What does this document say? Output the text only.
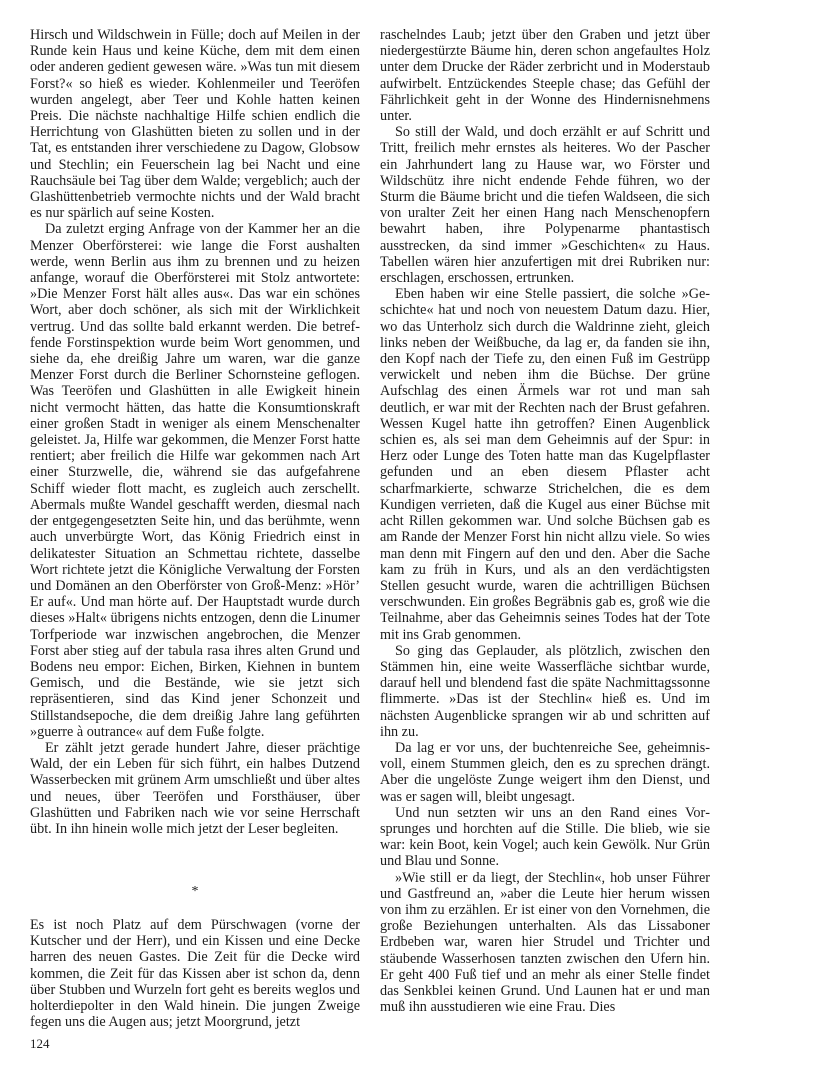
Hirsch und Wildschwein in Fülle; doch auf Meilen in der Runde kein Haus und keine Küche, dem mit dem einen oder anderen gedient gewesen wäre. »Was tun mit diesem Forst?« so hieß es wieder. Kohlenmeiler und Teeröfen wurden angelegt, aber Teer und Kohle hatten keinen Preis. Die nächste nachhaltige Hilfe schien endlich die Herrichtung von Glashütten bieten zu sollen und in der Tat, es entstanden ihrer verschiedene zu Dagow, Globsow und Stechlin; ein Feuerschein lag bei Nacht und eine Rauchsäule bei Tag über dem Walde; vergeblich; auch der Glashüttenbetrieb vermochte nichts und der Wald bracht es nur spärlich auf seine Kosten.

Da zuletzt erging Anfrage von der Kammer her an die Menzer Oberförsterei: wie lange die Forst aushalten werde, wenn Berlin aus ihm zu brennen und zu heizen anfange, worauf die Oberförsterei mit Stolz antwortete: »Die Menzer Forst hält alles aus«. Das war ein schönes Wort, aber doch schöner, als sich mit der Wirklichkeit vertrug. Und das sollte bald erkannt werden. Die betreffende Forstinspektion wurde beim Wort genommen, und siehe da, ehe dreißig Jahre um waren, war die ganze Menzer Forst durch die Berliner Schornsteine geflogen. Was Teeröfen und Glashütten in alle Ewigkeit hinein nicht vermocht hätten, das hatte die Konsumtionskraft einer großen Stadt in weniger als einem Menschenalter geleistet. Ja, Hilfe war gekommen, die Menzer Forst hatte rentiert; aber freilich die Hilfe war gekommen nach Art einer Sturzwelle, die, während sie das aufgefahrene Schiff wieder flott macht, es zugleich auch zerschellt. Abermals mußte Wandel geschafft werden, diesmal nach der entgegengesetzten Seite hin, und das berühmte, wenn auch unverbürgte Wort, das König Friedrich einst in delikatester Situation an Schmettau richtete, dasselbe Wort richtete jetzt die Königliche Verwaltung der Forsten und Domänen an den Oberförster von Groß-Menz: »Hör’ Er auf«. Und man hörte auf. Der Hauptstadt wurde durch dieses »Halt« übrigens nichts entzogen, denn die Linumer Torfperiode war inzwischen angebrochen, die Menzer Forst aber stieg auf der tabula rasa ihres alten Grund und Bodens neu empor: Eichen, Birken, Kiehnen in buntem Gemisch, und die Bestände, wie sie jetzt sich repräsentieren, sind das Kind jener Schonzeit und Stillstandsepoche, die dem dreißig Jahre lang geführten »guerre à outrance« auf dem Fuße folgte.

Er zählt jetzt gerade hundert Jahre, dieser prächtige Wald, der ein Leben für sich führt, ein halbes Dutzend Wasserbecken mit grünem Arm umschließt und über altes und neues, über Teeröfen und Forsthäuser, über Glashütten und Fabriken nach wie vor seine Herrschaft übt. In ihn hinein wolle mich jetzt der Leser begleiten.

*

Es ist noch Platz auf dem Pürschwagen (vorne der Kutscher und der Herr), und ein Kissen und eine Decke harren des neuen Gastes. Die Zeit für die Decke wird kommen, die Zeit für das Kissen aber ist schon da, denn über Stubben und Wurzeln fort geht es bereits weglos und holterdiepolter in den Wald hinein. Die jungen Zweige fegen uns die Augen aus; jetzt Moorgrund, jetzt

raschelndes Laub; jetzt über den Graben und jetzt über niedergestürzte Bäume hin, deren schon angefaultes Holz unter dem Drucke der Räder zerbricht und in Moderstaub aufwirbelt. Entzückendes Steeple chase; das Gefühl der Fährlichkeit geht in der Wonne des Hindernisnehmens unter.

So still der Wald, und doch erzählt er auf Schritt und Tritt, freilich mehr ernstes als heiteres. Wo der Pascher ein Jahrhundert lang zu Hause war, wo Förster und Wildschütz ihre nicht endende Fehde führen, wo der Sturm die Bäume bricht und die tiefen Waldseen, die sich von uralter Zeit her einen Hang nach Menschenopfern bewahrt haben, ihre Polypenarme phantastisch ausstrecken, da sind immer »Geschichten« zu Haus. Tabellen wären hier anzufertigen mit drei Rubriken nur: erschlagen, erschossen, ertrunken.

Eben haben wir eine Stelle passiert, die solche »Geschichte« hat und noch von neuestem Datum dazu. Hier, wo das Unterholz sich durch die Waldrinne zieht, gleich links neben der Weißbuche, da lag er, da fanden sie ihn, den Kopf nach der Tiefe zu, den einen Fuß im Gestrüpp verwickelt und neben ihm die Büchse. Der grüne Aufschlag des einen Ärmels war rot und man sah deutlich, er war mit der Rechten nach der Brust gefahren. Wessen Kugel hatte ihn getroffen? Einen Augenblick schien es, als sei man dem Geheimnis auf der Spur: in Herz oder Lunge des Toten hatte man das Kugelpflaster gefunden und an eben diesem Pflaster acht scharfmarkierte, schwarze Strichelchen, die es dem Kundigen verrieten, daß die Kugel aus einer Büchse mit acht Rillen gekommen war. Und solche Büchsen gab es am Rande der Menzer Forst hin nicht allzu viele. So wies man denn mit Fingern auf den und den. Aber die Sache kam zu früh in Kurs, und als an den verdächtigsten Stellen gesucht wurde, waren die achtrilligen Büchsen verschwunden. Ein großes Begräbnis gab es, groß wie die Teilnahme, aber das Geheimnis seines Todes hat der Tote mit ins Grab genommen.

So ging das Geplauder, als plötzlich, zwischen den Stämmen hin, eine weite Wasserfläche sichtbar wurde, darauf hell und blendend fast die späte Nachmittagssonne flimmerte. »Das ist der Stechlin« hieß es. Und im nächsten Augenblicke sprangen wir ab und schritten auf ihn zu.

Da lag er vor uns, der buchtenreiche See, geheimnisvoll, einem Stummen gleich, den es zu sprechen drängt. Aber die ungelöste Zunge weigert ihm den Dienst, und was er sagen will, bleibt ungesagt.

Und nun setzten wir uns an den Rand eines Vorsprunges und horchten auf die Stille. Die blieb, wie sie war: kein Boot, kein Vogel; auch kein Gewölk. Nur Grün und Blau und Sonne.

»Wie still er da liegt, der Stechlin«, hob unser Führer und Gastfreund an, »aber die Leute hier herum wissen von ihm zu erzählen. Er ist einer von den Vornehmen, die große Beziehungen unterhalten. Als das Lissaboner Erdbeben war, waren hier Strudel und Trichter und stäubende Wasserhosen tanzten zwischen den Ufern hin. Er geht 400 Fuß tief und an mehr als einer Stelle findet das Senkblei keinen Grund. Und Launen hat er und man muß ihn ausstudieren wie eine Frau. Dies

124
